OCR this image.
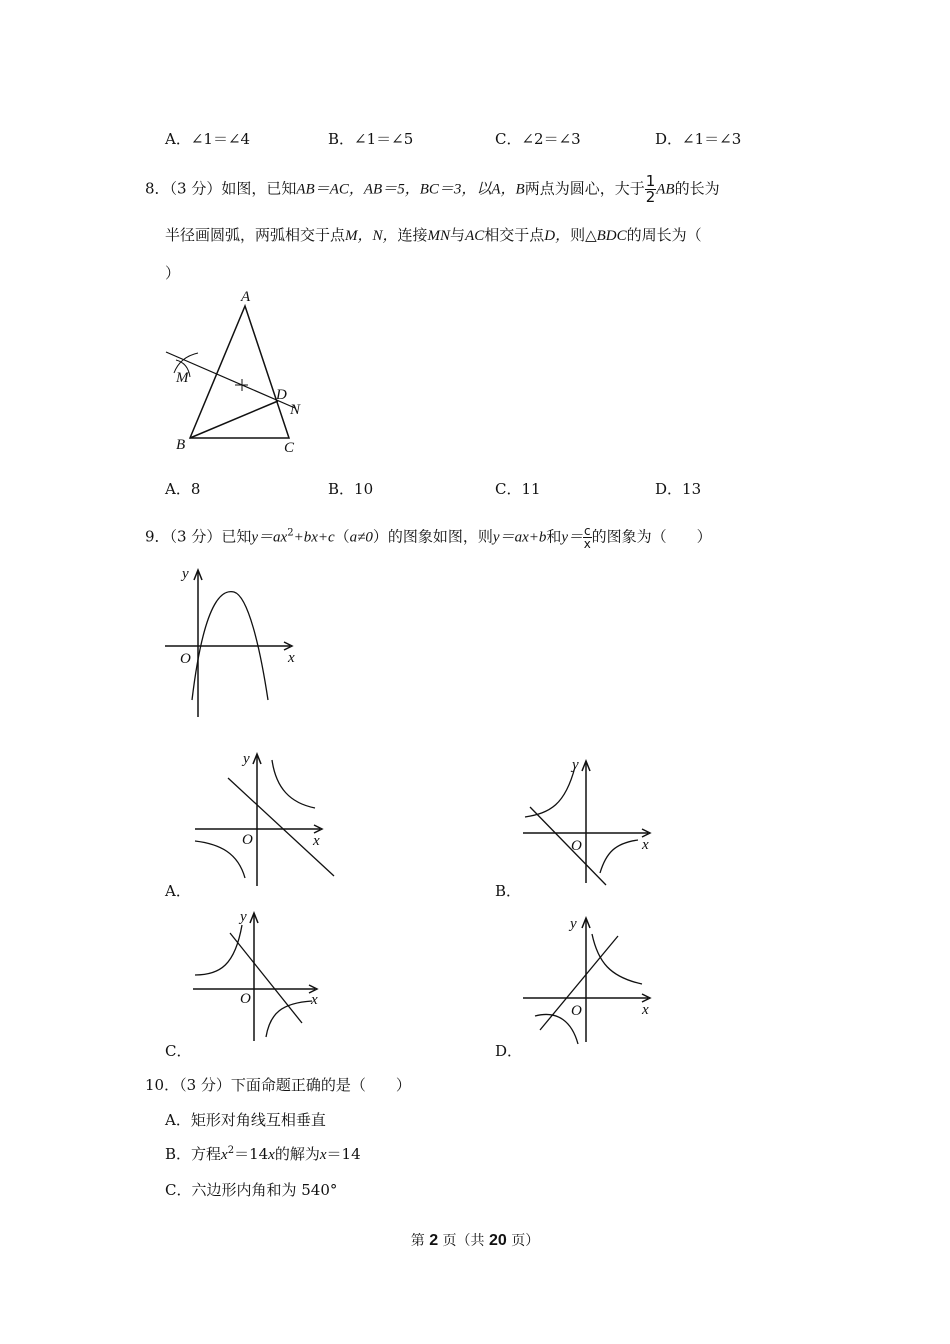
A．∠1＝∠4	B．∠1＝∠5	C．∠2＝∠3	D．∠1＝∠3
8．（3 分）如图，已知AB＝AC，AB＝5，BC＝3，以A，B两点为圆心，大于 $\frac{1}{2}$ AB的长为
半径画圆弧，两弧相交于点M，N，连接MN与AC相交于点D，则△BDC的周长为（
）
A
B	C
D
M
N
A．8	B．10	C．11	D．13
9．（3 分）已知$y=ax^2+bx+c(a\ne 0)$的图象如图，则y＝ax+b和$y= \frac{c}{x}$ 的图象为（　　）
y
x
O
y
x
O
A．
y
x
O
B．
y
x
O
C．
y
x
O
D．
10．（3 分）下面命题正确的是（　　）
A．矩形对角线互相垂直
B．方程$x^2=14x$的解为x＝14
C．六边形内角和为 540°
第 2 页（共 20 页）
